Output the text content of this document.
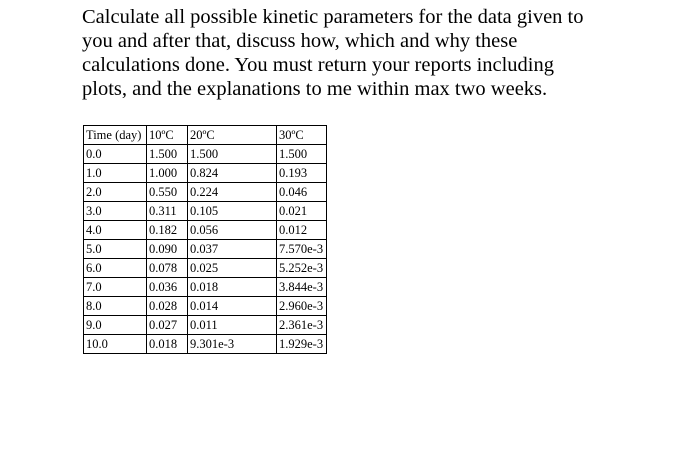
Calculate all possible kinetic parameters for the data given to
you and after that, discuss how, which and why these
calculations done. You must return your reports including
plots, and the explanations to me within max two weeks.
Time (day)	10ºC	20ºC	30ºC
0.0	1.500	1.500	1.500
1.0	1.000	0.824	0.193
2.0	0.550	0.224	0.046
3.0	0.311	0.105	0.021
4.0	0.182	0.056	0.012
5.0	0.090	0.037	7.570e-3
6.0	0.078	0.025	5.252e-3
7.0	0.036	0.018	3.844e-3
8.0	0.028	0.014	2.960e-3
9.0	0.027	0.011	2.361e-3
10.0	0.018	9.301e-3	1.929e-3
